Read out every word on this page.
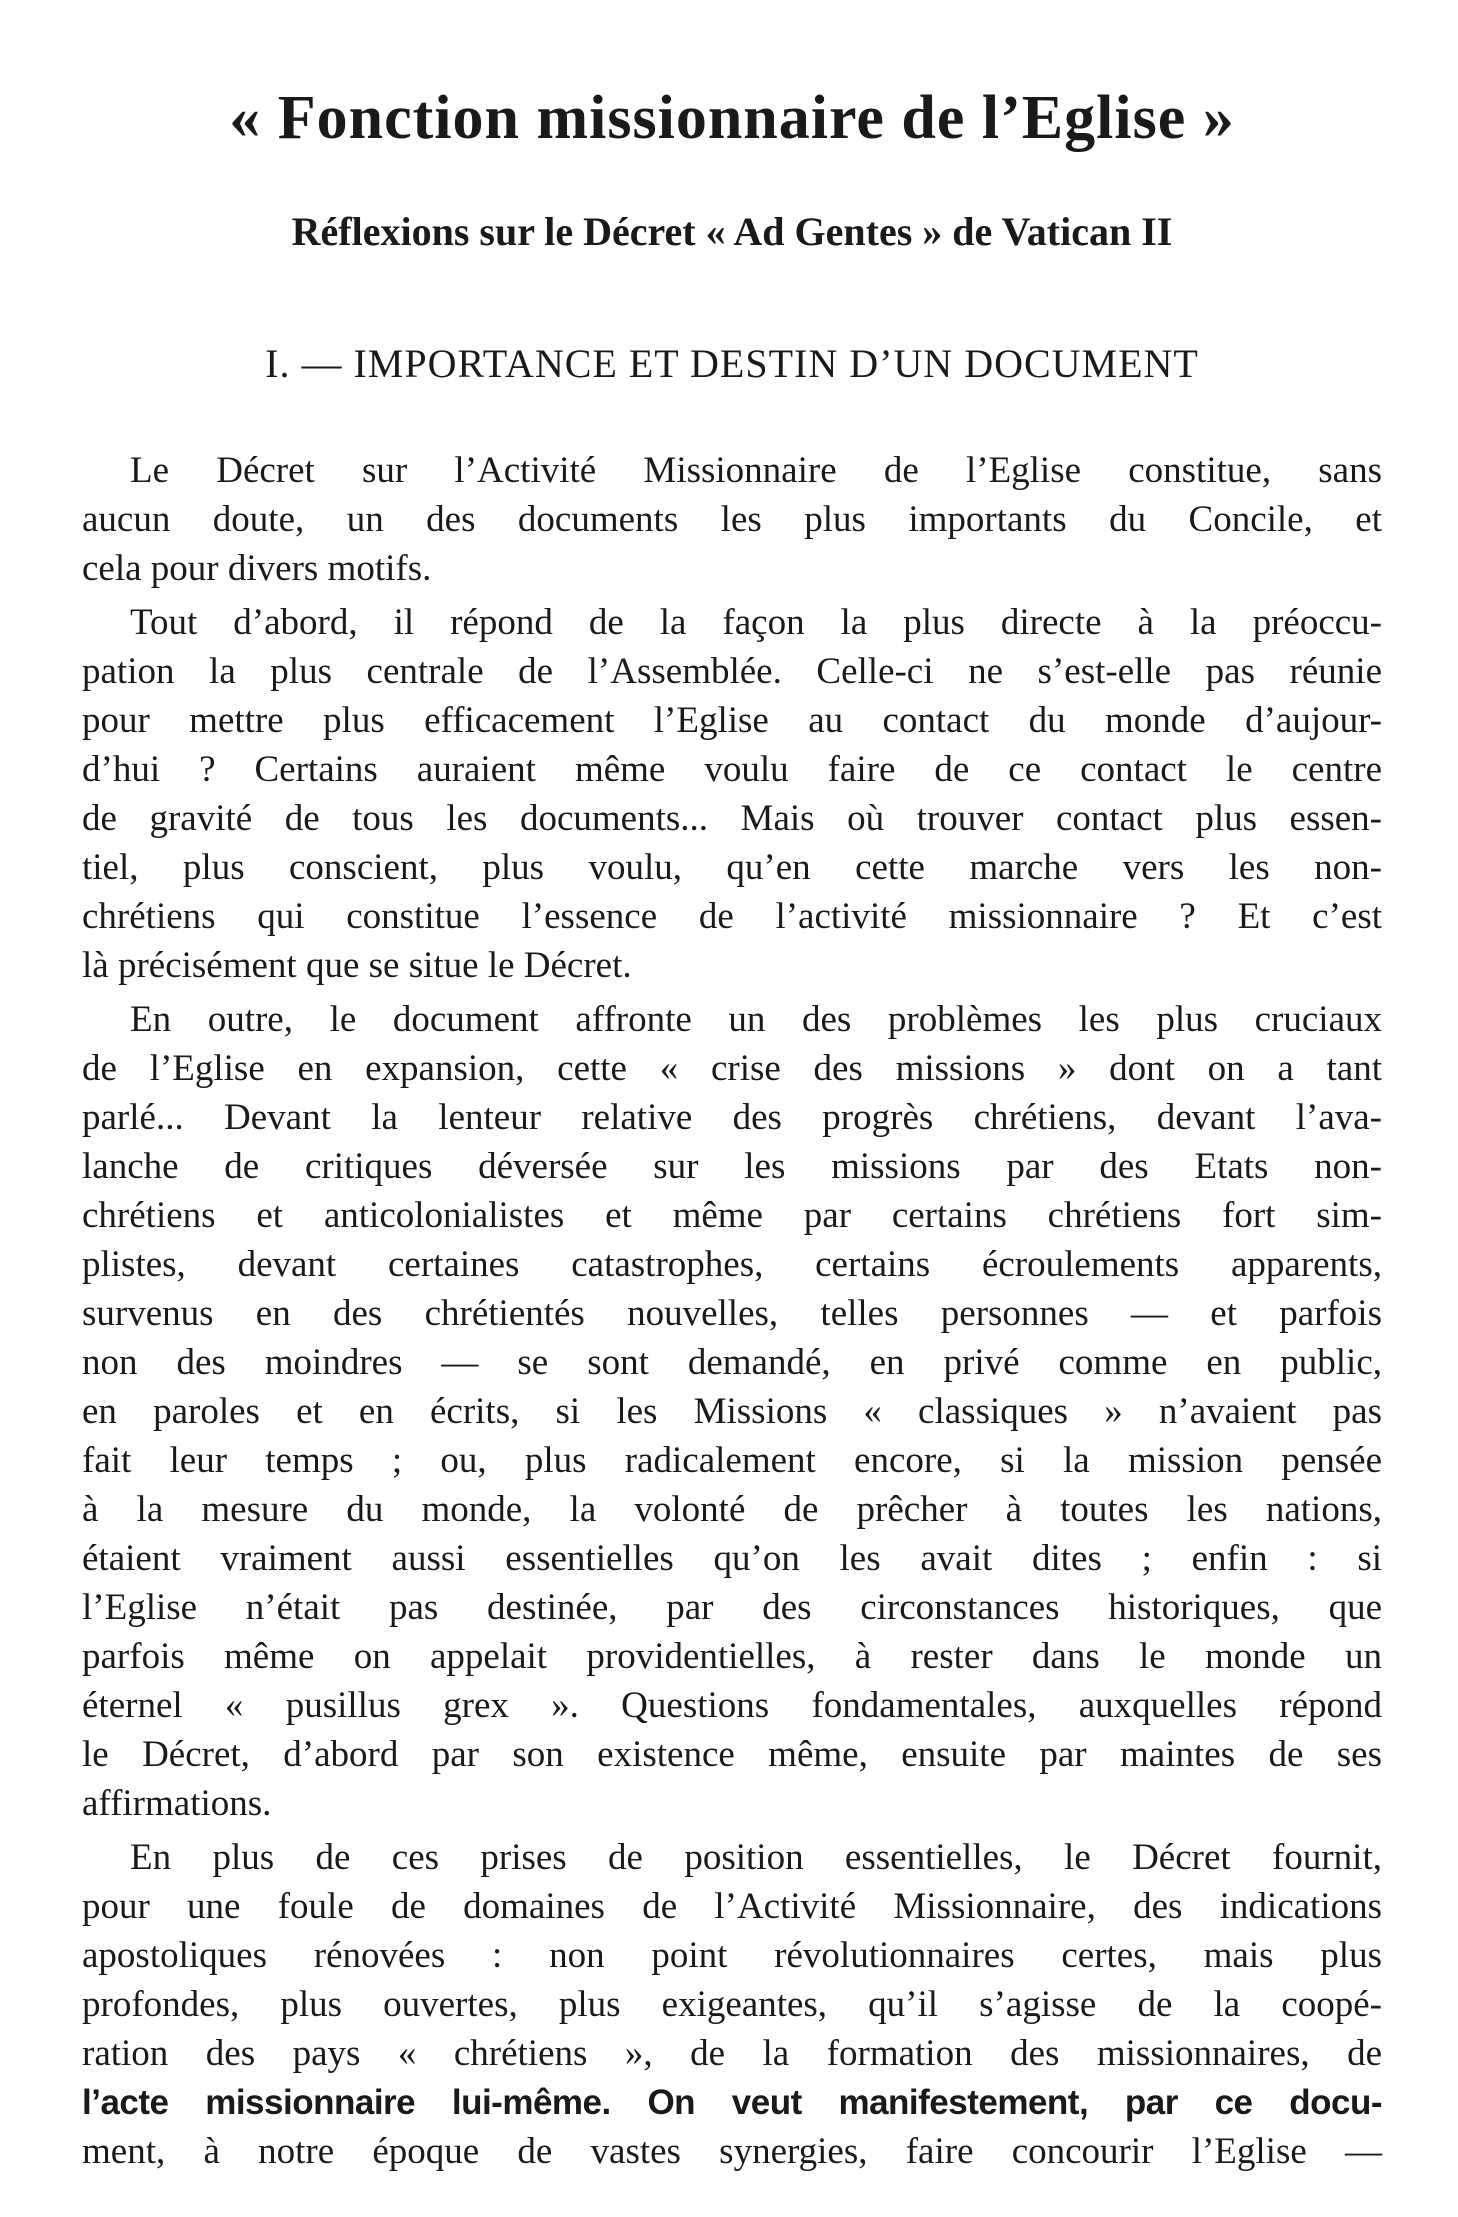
« Fonction missionnaire de l’Eglise »
Réflexions sur le Décret « Ad Gentes » de Vatican II
I. — IMPORTANCE ET DESTIN D’UN DOCUMENT

Le Décret sur l’Activité Missionnaire de l’Eglise constitue, sans
aucun doute, un des documents les plus importants du Concile, et
cela pour divers motifs.

Tout d’abord, il répond de la façon la plus directe à la préoccu-
pation la plus centrale de l’Assemblée. Celle-ci ne s’est-elle pas réunie
pour mettre plus efficacement l’Eglise au contact du monde d’aujour-
d’hui ? Certains auraient même voulu faire de ce contact le centre
de gravité de tous les documents... Mais où trouver contact plus essen-
tiel, plus conscient, plus voulu, qu’en cette marche vers les non-
chrétiens qui constitue l’essence de l’activité missionnaire ? Et c’est
là précisément que se situe le Décret.

En outre, le document affronte un des problèmes les plus cruciaux
de l’Eglise en expansion, cette « crise des missions » dont on a tant
parlé... Devant la lenteur relative des progrès chrétiens, devant l’ava-
lanche de critiques déversée sur les missions par des Etats non-
chrétiens et anticolonialistes et même par certains chrétiens fort sim-
plistes, devant certaines catastrophes, certains écroulements apparents,
survenus en des chrétientés nouvelles, telles personnes — et parfois
non des moindres — se sont demandé, en privé comme en public,
en paroles et en écrits, si les Missions « classiques » n’avaient pas
fait leur temps ; ou, plus radicalement encore, si la mission pensée
à la mesure du monde, la volonté de prêcher à toutes les nations,
étaient vraiment aussi essentielles qu’on les avait dites ; enfin : si
l’Eglise n’était pas destinée, par des circonstances historiques, que
parfois même on appelait providentielles, à rester dans le monde un
éternel « pusillus grex ». Questions fondamentales, auxquelles répond
le Décret, d’abord par son existence même, ensuite par maintes de ses
affirmations.

En plus de ces prises de position essentielles, le Décret fournit,
pour une foule de domaines de l’Activité Missionnaire, des indications
apostoliques rénovées : non point révolutionnaires certes, mais plus
profondes, plus ouvertes, plus exigeantes, qu’il s’agisse de la coopé-
ration des pays « chrétiens », de la formation des missionnaires, de
l’acte missionnaire lui-même. On veut manifestement, par ce docu-
ment, à notre époque de vastes synergies, faire concourir l’Eglise —
